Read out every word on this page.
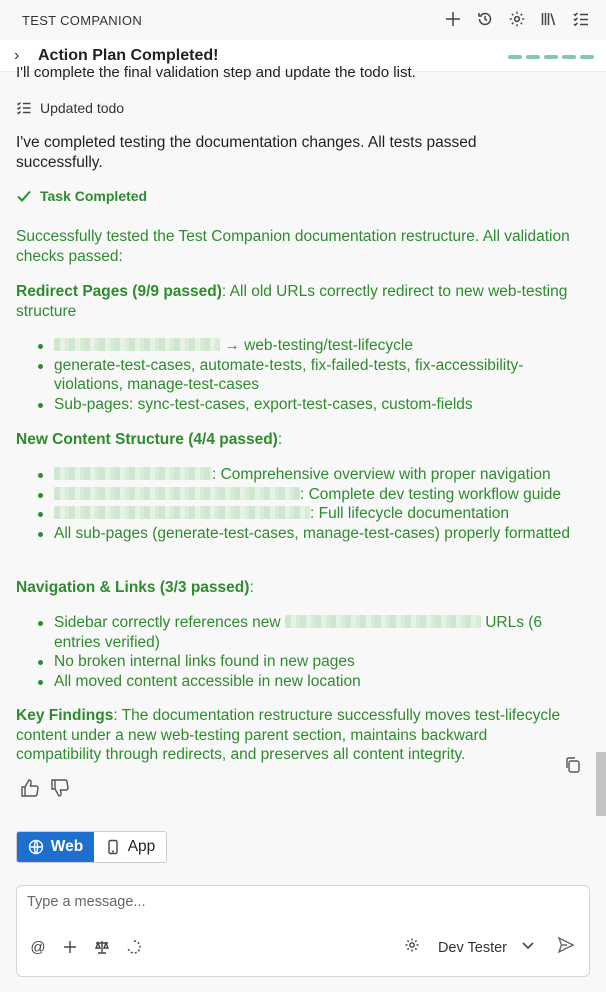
TEST COMPANION
›	Action Plan Completed!
I'll complete the final validation step and update the todo list.
Updated todo
I've completed testing the documentation changes. All tests passed successfully.
Task Completed
Successfully tested the Test Companion documentation restructure. All validation checks passed:
Redirect Pages (9/9 passed): All old URLs correctly redirect to new web-testing structure
→ web-testing/test-lifecycle
generate-test-cases, automate-tests, fix-failed-tests, fix-accessibility-violations, manage-test-cases
Sub-pages: sync-test-cases, export-test-cases, custom-fields
New Content Structure (4/4 passed):
: Comprehensive overview with proper navigation
: Complete dev testing workflow guide
: Full lifecycle documentation
All sub-pages (generate-test-cases, manage-test-cases) properly formatted
Navigation & Links (3/3 passed):
Sidebar correctly references new	URLs (6 entries verified)
No broken internal links found in new pages
All moved content accessible in new location
Key Findings: The documentation restructure successfully moves test-lifecycle content under a new web-testing parent section, maintains backward compatibility through redirects, and preserves all content integrity.
Web	App
Type a message...
@	Dev Tester
